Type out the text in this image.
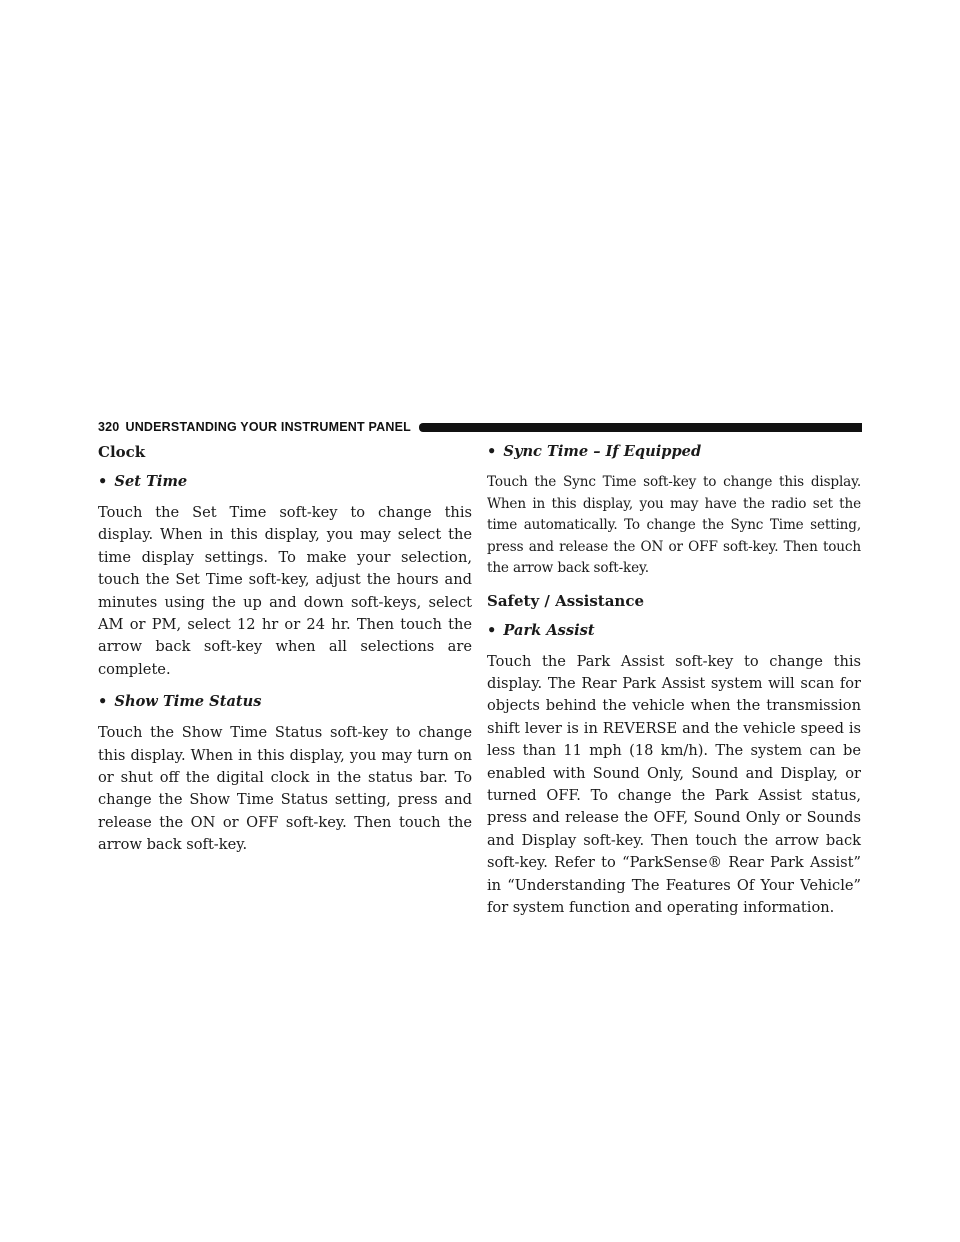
320 UNDERSTANDING YOUR INSTRUMENT PANEL
Clock
• Set Time

Touch the Set Time soft-key to change this display. When in this display, you may select the time display settings. To make your selection, touch the Set Time soft-key, adjust the hours and minutes using the up and down soft-keys, select AM or PM, select 12 hr or 24 hr. Then touch the arrow back soft-key when all selections are complete.

• Show Time Status

Touch the Show Time Status soft-key to change this display. When in this display, you may turn on or shut off the digital clock in the status bar. To change the Show Time Status setting, press and release the ON or OFF soft-key. Then touch the arrow back soft-key.

• Sync Time – If Equipped

Touch the Sync Time soft-key to change this display. When in this display, you may have the radio set the time automatically. To change the Sync Time setting, press and release the ON or OFF soft-key. Then touch the arrow back soft-key.

Safety / Assistance
• Park Assist

Touch the Park Assist soft-key to change this display. The Rear Park Assist system will scan for objects behind the vehicle when the transmission shift lever is in REVERSE and the vehicle speed is less than 11 mph (18 km/h). The system can be enabled with Sound Only, Sound and Display, or turned OFF. To change the Park Assist status, press and release the OFF, Sound Only or Sounds and Display soft-key. Then touch the arrow back soft-key. Refer to “ParkSense® Rear Park Assist” in “Understanding The Features Of Your Vehicle” for system function and operating information.
